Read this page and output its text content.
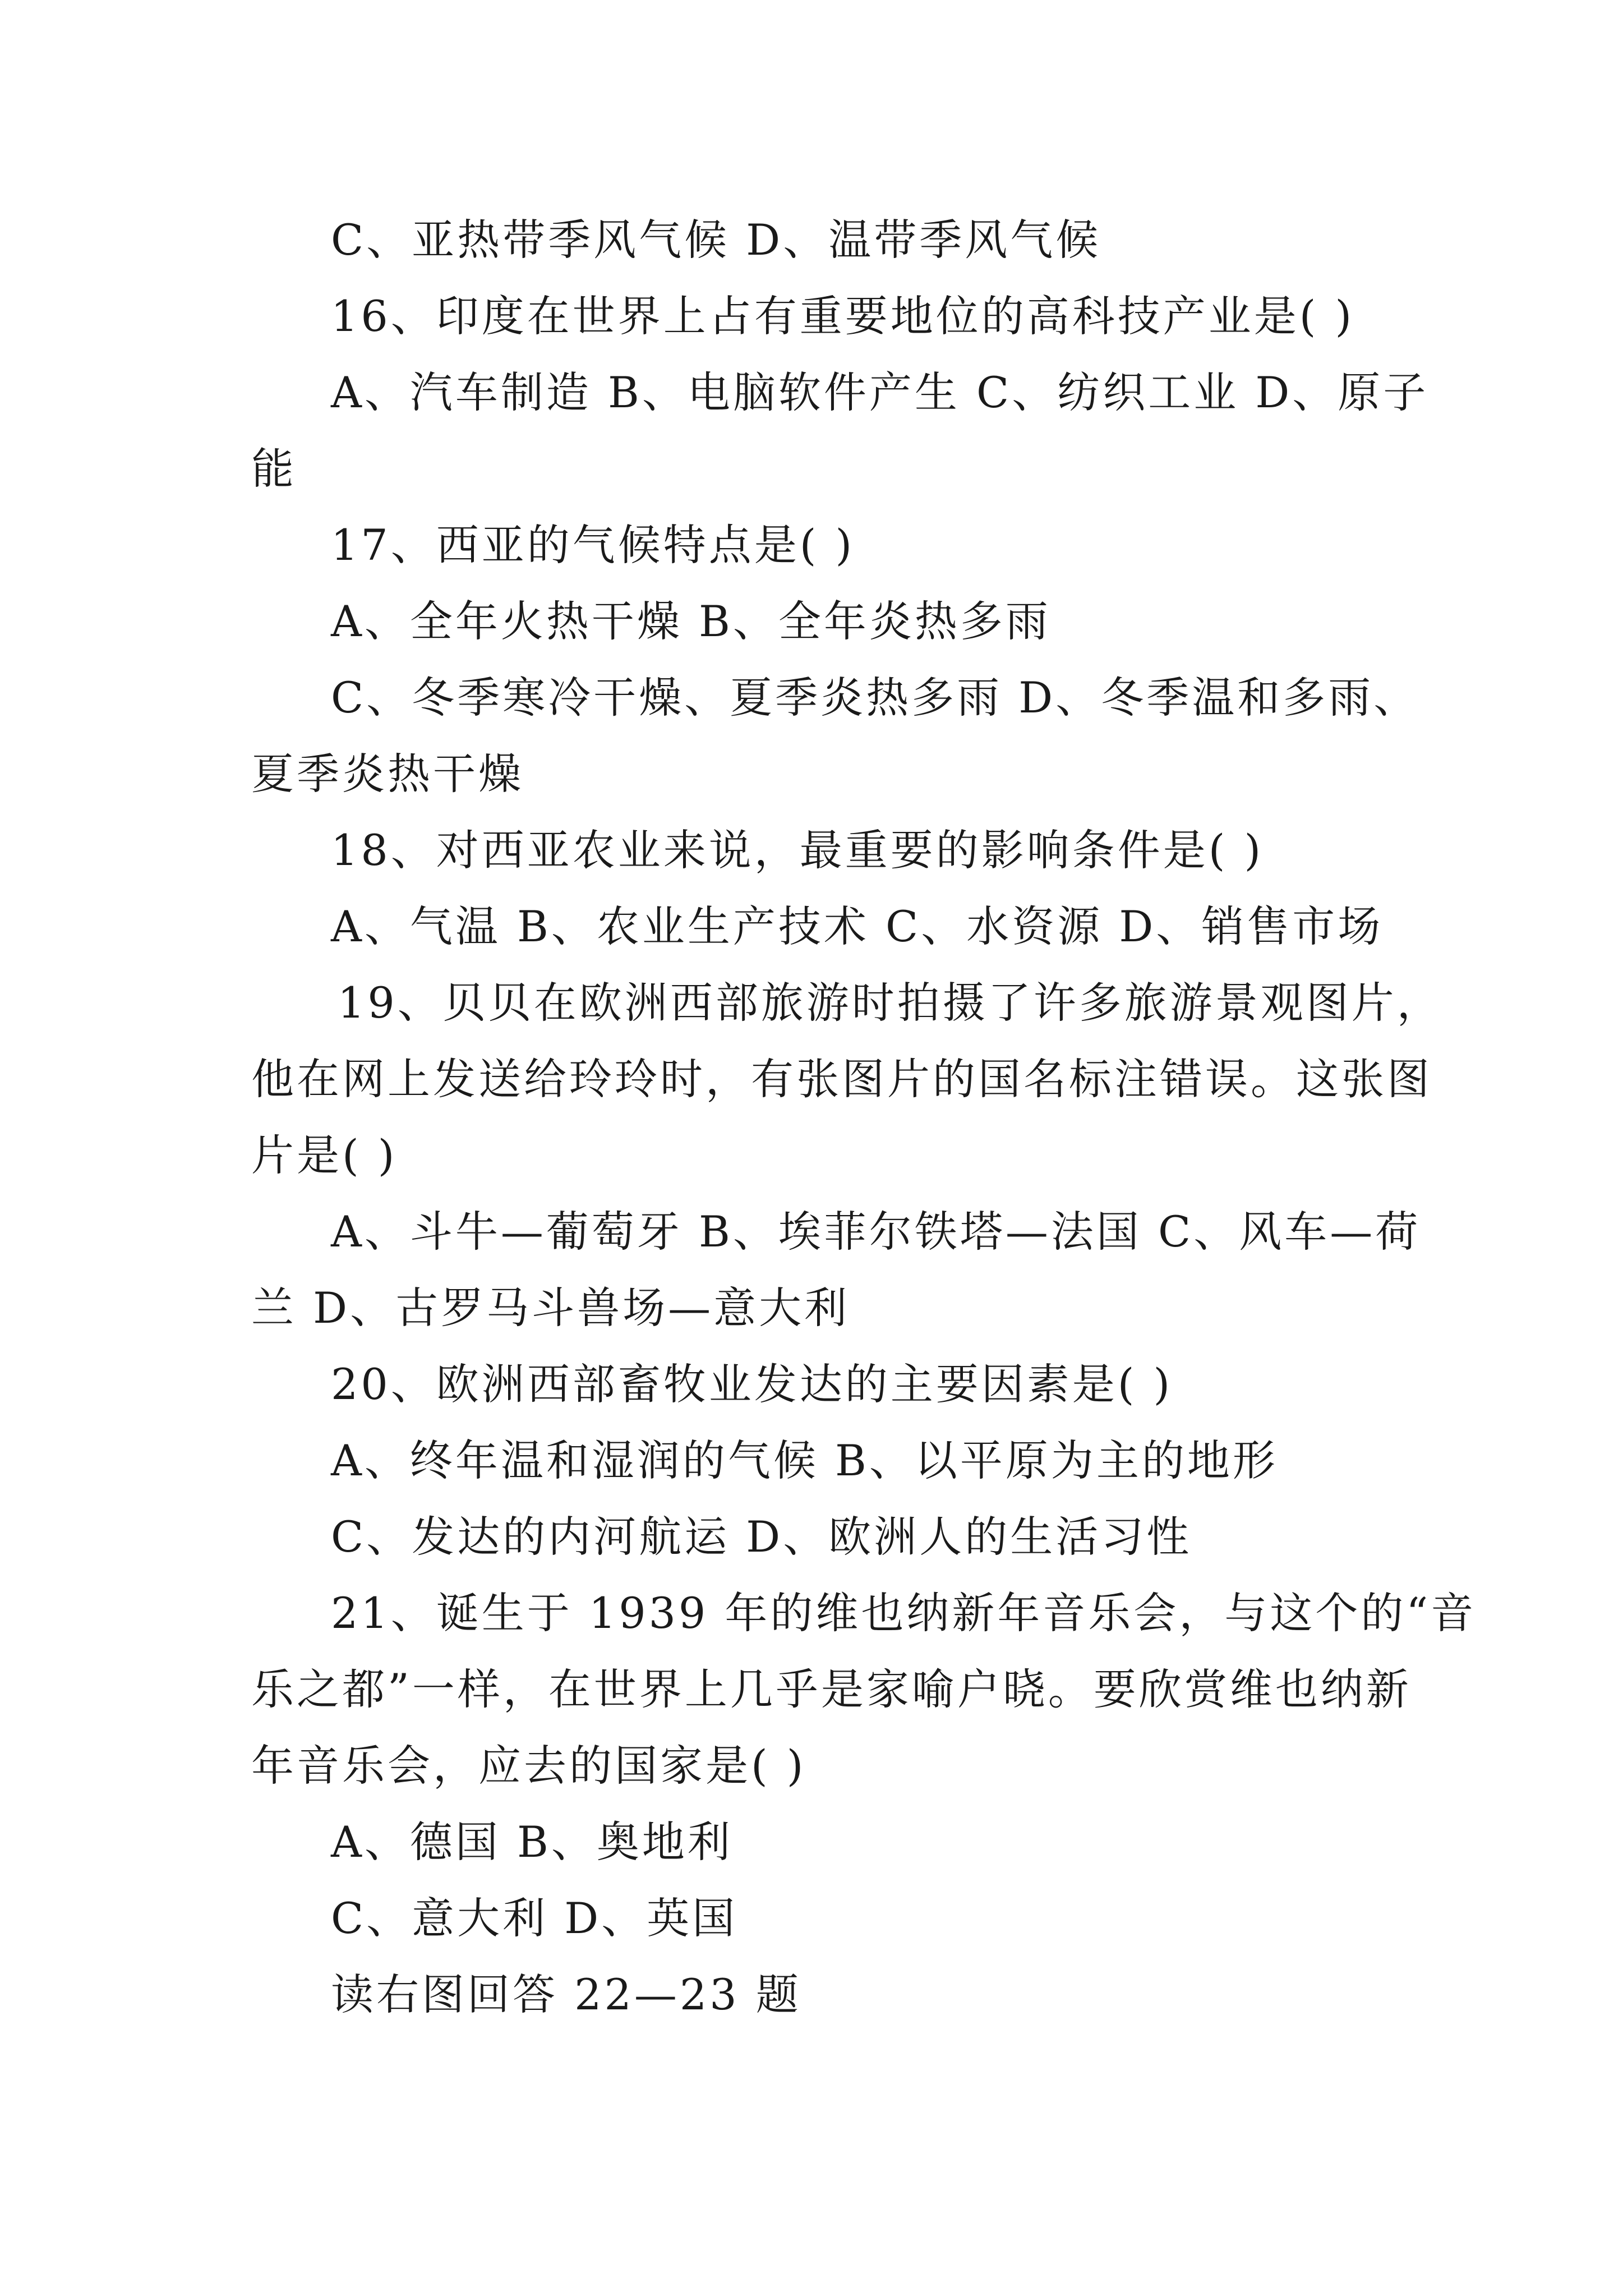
C、亚热带季风气候 D、温带季风气候
16、印度在世界上占有重要地位的高科技产业是( )
A、汽车制造 B、电脑软件产生 C、纺织工业 D、原子
能
17、西亚的气候特点是( )
A、全年火热干燥 B、全年炎热多雨
C、冬季寒冷干燥、夏季炎热多雨 D、冬季温和多雨、
夏季炎热干燥
18、对西亚农业来说，最重要的影响条件是( )
A、气温 B、农业生产技术 C、水资源 D、销售市场
19、贝贝在欧洲西部旅游时拍摄了许多旅游景观图片，
他在网上发送给玲玲时，有张图片的国名标注错误。这张图
片是( )
A、斗牛—葡萄牙 B、埃菲尔铁塔—法国 C、风车—荷
兰 D、古罗马斗兽场—意大利
20、欧洲西部畜牧业发达的主要因素是( )
A、终年温和湿润的气候 B、以平原为主的地形
C、发达的内河航运 D、欧洲人的生活习性
21、诞生于 1939 年的维也纳新年音乐会，与这个的“音
乐之都”一样，在世界上几乎是家喻户晓。要欣赏维也纳新
年音乐会，应去的国家是( )
A、德国 B、奥地利
C、意大利 D、英国
读右图回答 22—23 题
